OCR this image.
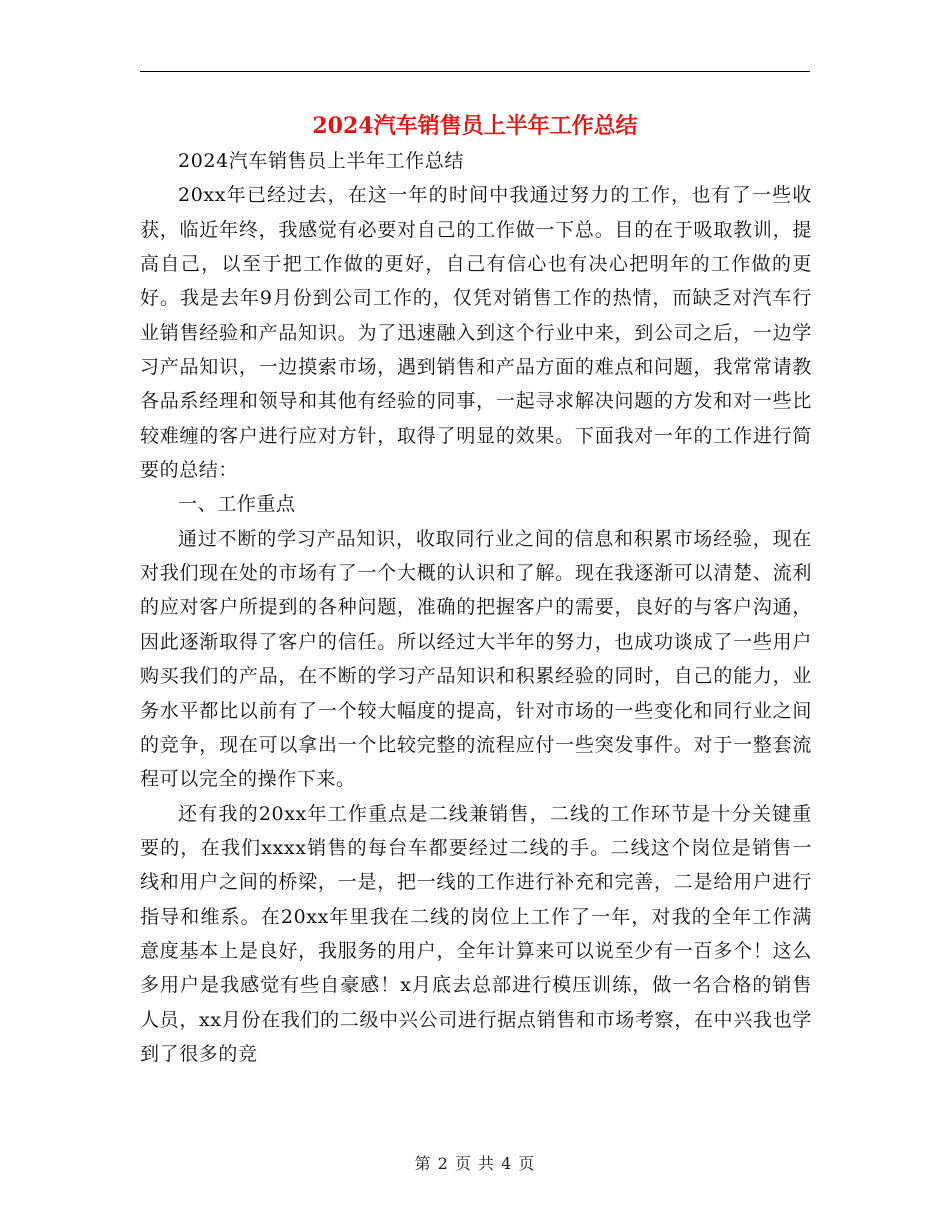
2024汽车销售员上半年工作总结

2024汽车销售员上半年工作总结

20xx年已经过去，在这一年的时间中我通过努力的工作，也有了一些收获，临近年终，我感觉有必要对自己的工作做一下总。目的在于吸取教训，提高自己，以至于把工作做的更好，自己有信心也有决心把明年的工作做的更好。我是去年9月份到公司工作的，仅凭对销售工作的热情，而缺乏对汽车行业销售经验和产品知识。为了迅速融入到这个行业中来，到公司之后，一边学习产品知识，一边摸索市场，遇到销售和产品方面的难点和问题，我常常请教各品系经理和领导和其他有经验的同事，一起寻求解决问题的方发和对一些比较难缠的客户进行应对方针，取得了明显的效果。下面我对一年的工作进行简要的总结：

一、工作重点

通过不断的学习产品知识，收取同行业之间的信息和积累市场经验，现在对我们现在处的市场有了一个大概的认识和了解。现在我逐渐可以清楚、流利的应对客户所提到的各种问题，准确的把握客户的需要，良好的与客户沟通，因此逐渐取得了客户的信任。所以经过大半年的努力，也成功谈成了一些用户购买我们的产品，在不断的学习产品知识和积累经验的同时，自己的能力，业务水平都比以前有了一个较大幅度的提高，针对市场的一些变化和同行业之间的竞争，现在可以拿出一个比较完整的流程应付一些突发事件。对于一整套流程可以完全的操作下来。

还有我的20xx年工作重点是二线兼销售，二线的工作环节是十分关键重要的，在我们xxxx销售的每台车都要经过二线的手。二线这个岗位是销售一线和用户之间的桥梁，一是，把一线的工作进行补充和完善，二是给用户进行指导和维系。在20xx年里我在二线的岗位上工作了一年，对我的全年工作满意度基本上是良好，我服务的用户，全年计算来可以说至少有一百多个！这么多用户是我感觉有些自豪感！x月底去总部进行模压训练，做一名合格的销售人员，xx月份在我们的二级中兴公司进行据点销售和市场考察，在中兴我也学到了很多的竞

第 2 页 共 4 页
